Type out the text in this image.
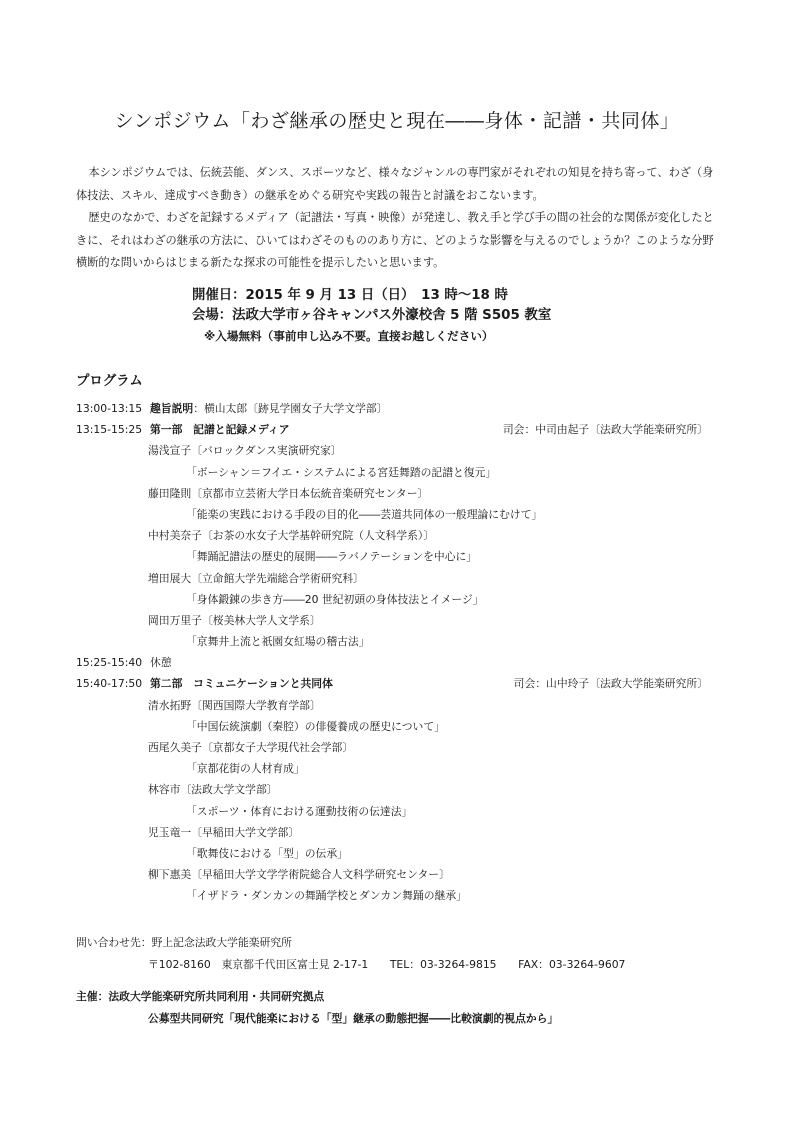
シンポジウム「わざ継承の歴史と現在――身体・記譜・共同体」

本シンポジウムでは、伝統芸能、ダンス、スポーツなど、様々なジャンルの専門家がそれぞれの知見を持ち寄って、わざ（身体技法、スキル、達成すべき動き）の継承をめぐる研究や実践の報告と討議をおこないます。

歴史のなかで、わざを記録するメディア（記譜法・写真・映像）が発達し、教え手と学び手の間の社会的な関係が変化したときに、それはわざの継承の方法に、ひいてはわざそのもののあり方に、どのような影響を与えるのでしょうか？このような分野横断的な問いからはじまる新たな探求の可能性を提示したいと思います。

開催日：2015 年 9 月 13 日（日）　13 時～18 時
会場：法政大学市ヶ谷キャンパス外濠校舎 5 階 S505 教室
※入場無料（事前申し込み不要。直接お越しください）
プログラム
13:00-13:15 趣旨説明：横山太郎〔跡見学園女子大学文学部〕
13:15-15:25 第一部　記譜と記録メディア	司会：中司由起子〔法政大学能楽研究所〕
湯浅宣子〔バロックダンス実演研究家〕
「ボーシャン＝フイエ・システムによる宮廷舞踏の記譜と復元」
藤田隆則〔京都市立芸術大学日本伝統音楽研究センター〕
「能楽の実践における手段の目的化――芸道共同体の一般理論にむけて」
中村美奈子〔お茶の水女子大学基幹研究院（人文科学系）〕
「舞踊記譜法の歴史的展開――ラバノテーションを中心に」
増田展大〔立命館大学先端総合学術研究科〕
「身体鍛錬の歩き方――20 世紀初頭の身体技法とイメージ」
岡田万里子〔桜美林大学人文学系〕
「京舞井上流と祇園女紅場の稽古法」
15:25-15:40 休憩
15:40-17:50 第二部　コミュニケーションと共同体	司会：山中玲子〔法政大学能楽研究所〕
清水拓野〔関西国際大学教育学部〕
「中国伝統演劇（秦腔）の俳優養成の歴史について」
西尾久美子〔京都女子大学現代社会学部〕
「京都花街の人材育成」
林容市〔法政大学文学部〕
「スポーツ・体育における運動技術の伝達法」
児玉竜一〔早稲田大学文学部〕
「歌舞伎における「型」の伝承」
柳下惠美〔早稲田大学文学学術院総合人文科学研究センター〕
「イザドラ・ダンカンの舞踊学校とダンカン舞踊の継承」
問い合わせ先：野上記念法政大学能楽研究所
〒102-8160　東京都千代田区富士見 2-17-1　　TEL：03-3264-9815　　FAX：03-3264-9607
主催：法政大学能楽研究所共同利用・共同研究拠点
公募型共同研究「現代能楽における「型」継承の動態把握――比較演劇的視点から」
